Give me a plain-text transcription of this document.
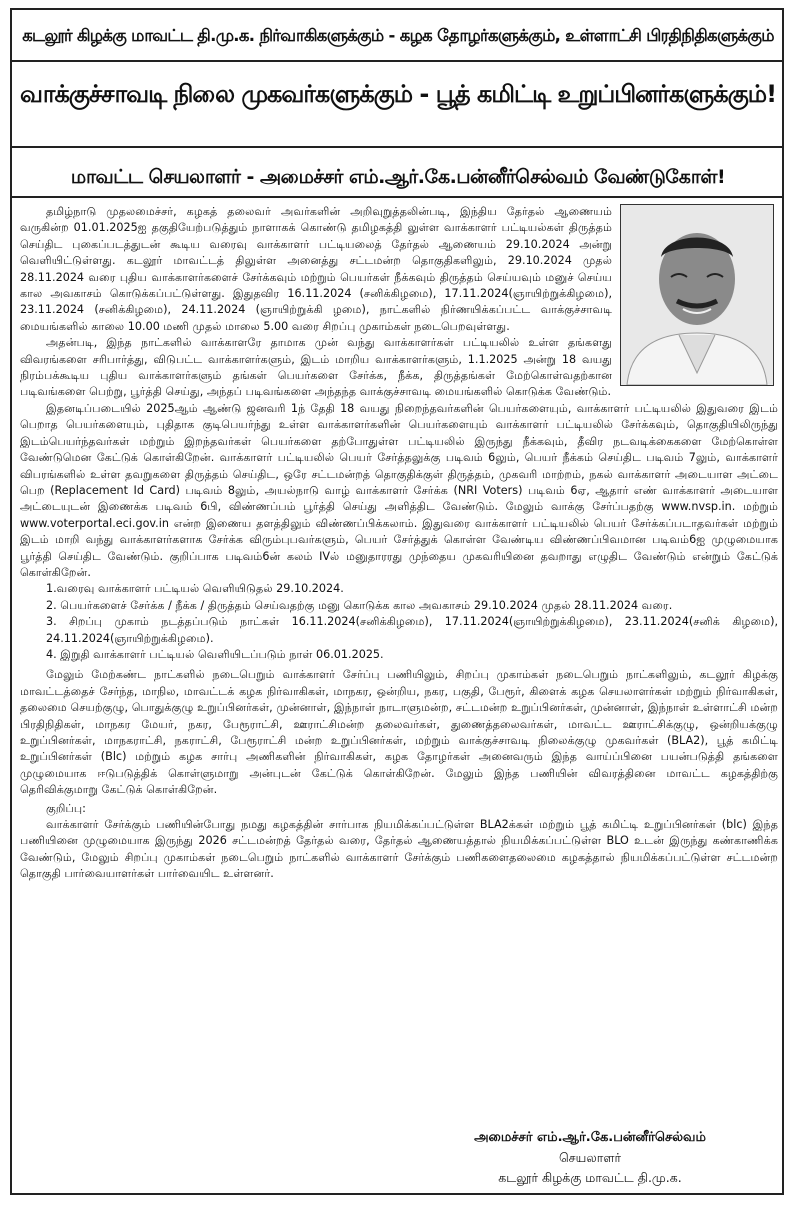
கடலூர் கிழக்கு மாவட்ட தி.மு.க. நிர்வாகிகளுக்கும் - கழக தோழர்களுக்கும், உள்ளாட்சி பிரதிநிதிகளுக்கும்
வாக்குச்சாவடி நிலை முகவர்களுக்கும் - பூத் கமிட்டி உறுப்பினர்களுக்கும்!
மாவட்ட செயலாளர் - அமைச்சர் எம்.ஆர்.கே.பன்னீர்செல்வம் வேண்டுகோள்!

தமிழ்நாடு முதலமைச்சர், கழகத் தலைவர் அவர்களின் அறிவுறுத்தலின்படி, இந்திய தேர்தல் ஆணையம் வருகின்ற 01.01.2025ஐ தகுதியேற்படுத்தும் நாளாகக் கொண்டு தமிழகத்தி லுள்ள வாக்காளர் பட்டியல்கள் திருத்தம் செய்திட புகைப்படத்துடன் கூடிய வரைவு வாக்காளர் பட்டியலைத் தேர்தல் ஆணையம் 29.10.2024 அன்று வெளியிட்டுள்ளது. கடலூர் மாவட்டத் திலுள்ள அனைத்து சட்டமன்ற தொகுதிகளிலும், 29.10.2024 முதல் 28.11.2024 வரை புதிய வாக்காளர்களைச் சேர்க்கவும் மற்றும் பெயர்கள் நீக்கவும் திருத்தம் செய்யவும் மனுச் செய்ய கால அவகாசம் கொடுக்கப்பட்டுள்ளது. இதுதவிர 16.11.2024 (சனிக்கிழமை), 17.11.2024(ஞாயிற்றுக்கிழமை), 23.11.2024 (சனிக்கிழமை), 24.11.2024 (ஞாயிற்றுக்கி ழமை), நாட்களில் நிர்ணயிக்கப்பட்ட வாக்குச்சாவடி மையங்களில் காலை 10.00 மணி முதல் மாலை 5.00 வரை சிறப்பு முகாம்கள் நடைபெறவுள்ளது.

அதன்படி, இந்த நாட்களில் வாக்காளரே தாமாக முன் வந்து வாக்காளர்கள் பட்டியலில் உள்ள தங்களது விவரங்களை சரிபார்த்து, விடுபட்ட வாக்காளர்களும், இடம் மாறிய வாக்காளர்களும், 1.1.2025 அன்று 18 வயது நிரம்பக்கூடிய புதிய வாக்காளர்களும் தங்கள் பெயர்களை சேர்க்க, நீக்க, திருத்தங்கள் மேற்கொள்வதற்கான படிவங்களை பெற்று, பூர்த்தி செய்து, அந்தப் படிவங்களை அந்தந்த வாக்குச்சாவடி மையங்களில் கொடுக்க வேண்டும்.

இதனடிப்படையில் 2025ஆம் ஆண்டு ஜனவரி 1ந் தேதி 18 வயது நிறைந்தவர்களின் பெயர்களையும், வாக்காளர் பட்டியலில் இதுவரை இடம் பெறாத பெயர்களையும், புதிதாக குடிபெயர்ந்து உள்ள வாக்காளர்களின் பெயர்களையும் வாக்காளர் பட்டியலில் சேர்க்கவும், தொகுதியிலிருந்து இடம்பெயர்ந்தவர்கள் மற்றும் இறந்தவர்கள் பெயர்களை தற்போதுள்ள பட்டியலில் இருந்து நீக்கவும், தீவிர நடவடிக்கைகளை மேற்கொள்ள வேண்டுமென கேட்டுக் கொள்கிறேன். வாக்காளர் பட்டியலில் பெயர் சேர்த்தலுக்கு படிவம் 6லும், பெயர் நீக்கம் செய்திட படிவம் 7லும், வாக்காளர் விபரங்களில் உள்ள தவறுகளை திருத்தம் செய்திட, ஒரே சட்டமன்றத் தொகுதிக்குள் திருத்தம், முகவரி மாற்றம், நகல் வாக்காளர் அடையாள அட்டை பெற (Replacement Id Card) படிவம் 8லும், அயல்நாடு வாழ் வாக்காளர் சேர்க்க (NRI Voters) படிவம் 6ஏ, ஆதார் எண் வாக்காளர் அடையாள அட்டையுடன் இணைக்க படிவம் 6பி, விண்ணப்பம் பூர்த்தி செய்து அளித்திட வேண்டும். மேலும் வாக்கு சேர்ப்பதற்கு www.nvsp.in. மற்றும் www.voterportal.eci.gov.in என்ற இணைய தளத்திலும் விண்ணப்பிக்கலாம். இதுவரை வாக்காளர் பட்டியலில் பெயர் சேர்க்கப்படாதவர்கள் மற்றும் இடம் மாறி வந்து வாக்காளர்களாக சேர்க்க விரும்புபவர்களும், பெயர் சேர்த்துக் கொள்ள வேண்டிய விண்ணப்பிவமான படிவம்6ஐ முழுமையாக பூர்த்தி செய்திட வேண்டும். குறிப்பாக படிவம்6ன் கலம் IVல் மனுதாரரது முந்தைய முகவரியினை தவறாது எழுதிட வேண்டும் என்றும் கேட்டுக் கொள்கிறேன்.

1.வரைவு வாக்காளர் பட்டியல் வெளியிடுதல் 29.10.2024.

2. பெயர்களைச் சேர்க்க / நீக்க / திருத்தம் செய்வதற்கு மனு கொடுக்க கால அவகாசம் 29.10.2024 முதல் 28.11.2024 வரை.

3. சிறப்பு முகாம் நடத்தப்படும் நாட்கள் 16.11.2024(சனிக்கிழமை), 17.11.2024(ஞாயிற்றுக்கிழமை), 23.11.2024(சனிக் கிழமை), 24.11.2024(ஞாயிற்றுக்கிழமை).

4. இறுதி வாக்காளர் பட்டியல் வெளியிடப்படும் நாள் 06.01.2025.

மேலும் மேற்கண்ட நாட்களில் நடைபெறும் வாக்காளர் சேர்ப்பு பணியிலும், சிறப்பு முகாம்கள் நடைபெறும் நாட்களிலும், கடலூர் கிழக்கு மாவட்டத்தைச் சேர்ந்த, மாநில, மாவட்டக் கழக நிர்வாகிகள், மாநகர, ஒன்றிய, நகர, பகுதி, பேரூர், கிளைக் கழக செயலாளர்கள் மற்றும் நிர்வாகிகள், தலைமை செயற்குழு, பொதுக்குழு உறுப்பினர்கள், முன்னாள், இந்நாள் நாடாளுமன்ற, சட்டமன்ற உறுப்பினர்கள், முன்னாள், இந்நாள் உள்ளாட்சி மன்ற பிரதிநிதிகள், மாநகர மேயர், நகர, பேரூராட்சி, ஊராட்சிமன்ற தலைவர்கள், துணைத்தலைவர்கள், மாவட்ட ஊராட்சிக்குழு, ஒன்றியக்குழு உறுப்பினர்கள், மாநகராட்சி, நகராட்சி, பேரூராட்சி மன்ற உறுப்பினர்கள், மற்றும் வாக்குச்சாவடி நிலைக்குழு முகவர்கள் (BLA2), பூத் கமிட்டி உறுப்பினர்கள் (Blc) மற்றும் கழக சார்பு அணிகளின் நிர்வாகிகள், கழக தோழர்கள் அனைவரும் இந்த வாய்ப்பினை பயன்படுத்தி தங்களை முழுமையாக ஈடுபடுத்திக் கொள்ளுமாறு அன்புடன் கேட்டுக் கொள்கிறேன். மேலும் இந்த பணியின் விவரத்தினை மாவட்ட கழகத்திற்கு தெரிவிக்குமாறு கேட்டுக் கொள்கிறேன்.

குறிப்பு:

வாக்காளர் சேர்க்கும் பணியின்போது நமது கழகத்தின் சார்பாக நியமிக்கப்பட்டுள்ள BLA2க்கள் மற்றும் பூத் கமிட்டி உறுப்பினர்கள் (blc) இந்த பணியினை முழுமையாக இருந்து 2026 சட்டமன்றத் தேர்தல் வரை, தேர்தல் ஆணையத்தால் நியமிக்கப்பட்டுள்ள BLO உடன் இருந்து கண்காணிக்க வேண்டும், மேலும் சிறப்பு முகாம்கள் நடைபெறும் நாட்களில் வாக்காளர் சேர்க்கும் பணிகளைதலைமை கழகத்தால் நியமிக்கப்பட்டுள்ள சட்டமன்ற தொகுதி பார்வையாளர்கள் பார்வையிட உள்ளனர்.

அமைச்சர் எம்.ஆர்.கே.பன்னீர்செல்வம்
செயலாளர்
கடலூர் கிழக்கு மாவட்ட தி.மு.க.
